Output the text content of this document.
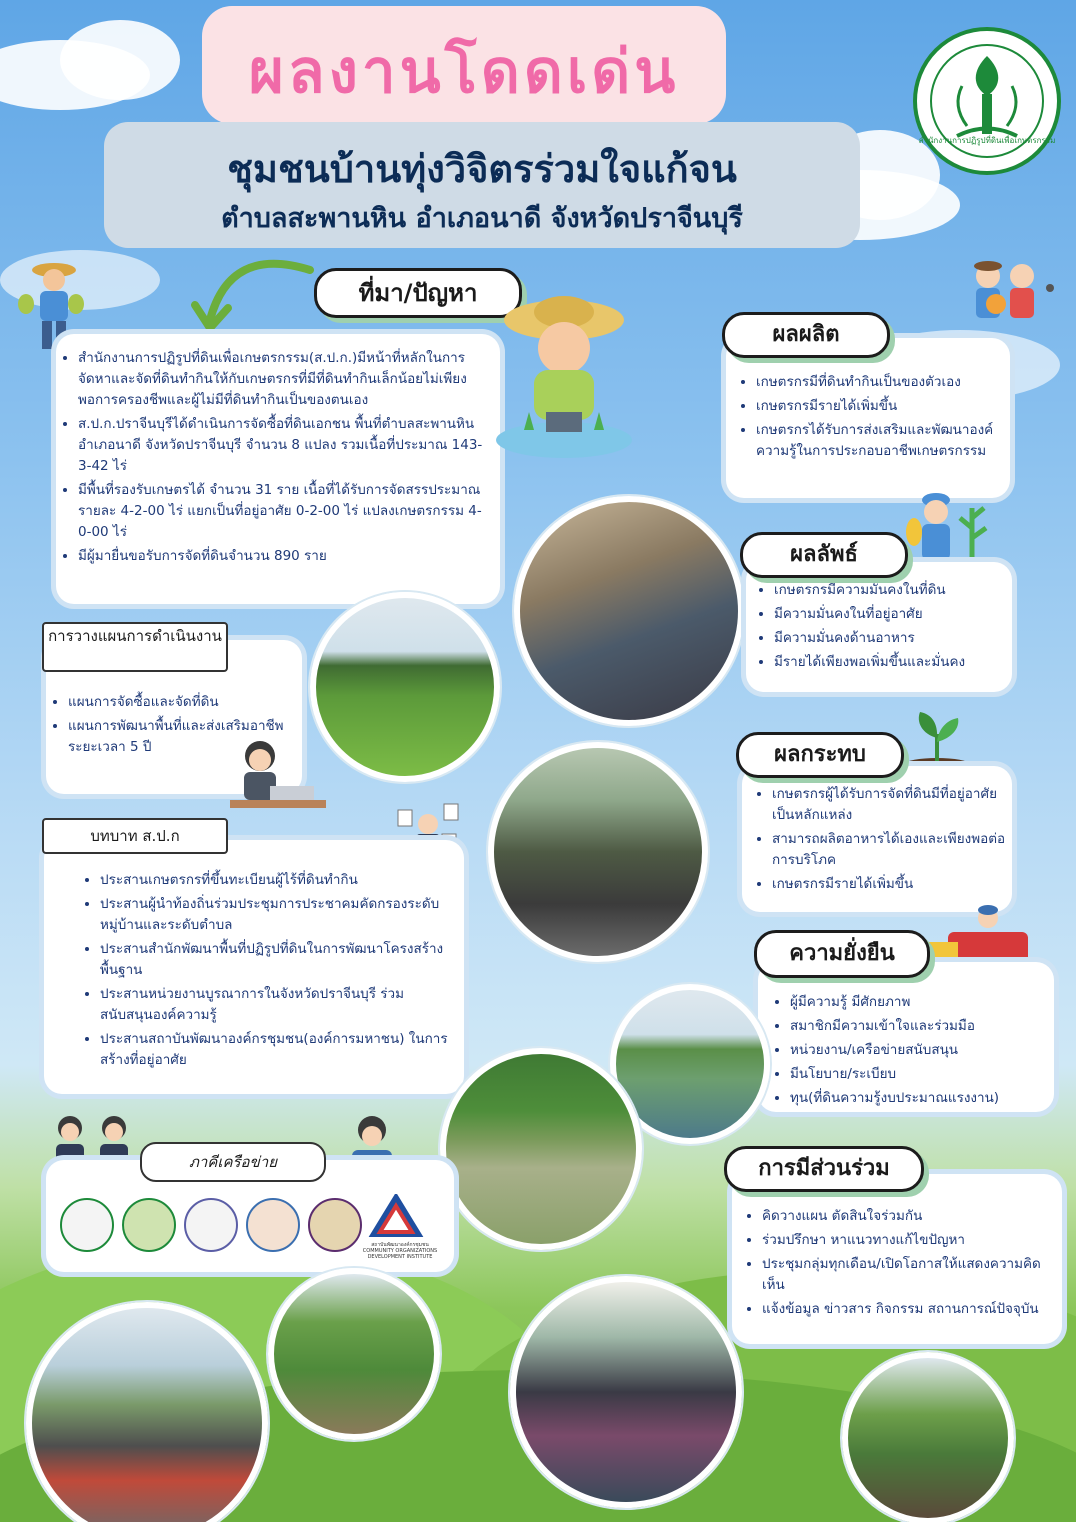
ผลงานโดดเด่น
ชุมชนบ้านทุ่งวิจิตรร่วมใจแก้จน
ตำบลสะพานหิน อำเภอนาดี จังหวัดปราจีนบุรี
สำนักงานการปฏิรูปที่ดินเพื่อเกษตรกรรม
• สำนักงานการปฏิรูปที่ดินเพื่อเกษตรกรรม(ส.ป.ก.)มีหน้าที่หลักในการจัดหาและจัดที่ดินทำกินให้กับเกษตรกรที่มีที่ดินทำกินเล็กน้อยไม่เพียงพอการครองชีพและผู้ไม่มีที่ดินทำกินเป็นของตนเอง
• ส.ป.ก.ปราจีนบุรีได้ดำเนินการจัดซื้อที่ดินเอกชน พื้นที่ตำบลสะพานหิน อำเภอนาดี จังหวัดปราจีนบุรี จำนวน 8 แปลง รวมเนื้อที่ประมาณ 143-3-42 ไร่
• มีพื้นที่รองรับเกษตรได้ จำนวน 31 ราย เนื้อที่ได้รับการจัดสรรประมาณรายละ 4-2-00 ไร่ แยกเป็นที่อยู่อาศัย 0-2-00 ไร่ แปลงเกษตรกรรม 4-0-00 ไร่
• มีผู้มายื่นขอรับการจัดที่ดินจำนวน 890 ราย
ที่มา/ปัญหา
• แผนการจัดซื้อและจัดที่ดิน
• แผนการพัฒนาพื้นที่และส่งเสริมอาชีพ ระยะเวลา 5 ปี
การวางแผนการดำเนินงาน
• ประสานเกษตรกรที่ขึ้นทะเบียนผู้ไร้ที่ดินทำกิน
• ประสานผู้นำท้องถิ่นร่วมประชุมการประชาคมคัดกรองระดับหมู่บ้านและระดับตำบล
• ประสานสำนักพัฒนาพื้นที่ปฏิรูปที่ดินในการพัฒนาโครงสร้างพื้นฐาน
• ประสานหน่วยงานบูรณาการในจังหวัดปราจีนบุรี ร่วมสนับสนุนองค์ความรู้
• ประสานสถาบันพัฒนาองค์กรชุมชน(องค์การมหาชน) ในการสร้างที่อยู่อาศัย
บทบาท ส.ป.ก
• เกษตรกรมีที่ดินทำกินเป็นของตัวเอง
• เกษตรกรมีรายได้เพิ่มขึ้น
• เกษตรกรได้รับการส่งเสริมและพัฒนาองค์ความรู้ในการประกอบอาชีพเกษตรกรรม
ผลผลิต
• เกษตรกรมีความมั่นคงในที่ดิน
• มีความมั่นคงในที่อยู่อาศัย
• มีความมั่นคงด้านอาหาร
• มีรายได้เพียงพอเพิ่มขึ้นและมั่นคง
ผลลัพธ์
• เกษตรกรผู้ได้รับการจัดที่ดินมีที่อยู่อาศัยเป็นหลักแหล่ง
• สามารถผลิตอาหารได้เองและเพียงพอต่อการบริโภค
• เกษตรกรมีรายได้เพิ่มขึ้น
ผลกระทบ
• ผู้มีความรู้ มีศักยภาพ
• สมาชิกมีความเข้าใจและร่วมมือ
• หน่วยงาน/เครือข่ายสนับสนุน
• มีนโยบาย/ระเบียบ
• ทุน(ที่ดินความรู้งบประมาณแรงงาน)
ความยั่งยืน
• คิดวางแผน ตัดสินใจร่วมกัน
• ร่วมปรึกษา หาแนวทางแก้ไขปัญหา
• ประชุมกลุ่มทุกเดือน/เปิดโอกาสให้แสดงความคิดเห็น
• แจ้งข้อมูล ข่าวสาร กิจกรรม สถานการณ์ปัจจุบัน
การมีส่วนร่วม
สถาบันพัฒนาองค์กรชุมชน COMMUNITY ORGANIZATIONS DEVELOPMENT INSTITUTE
ภาคีเครือข่าย
